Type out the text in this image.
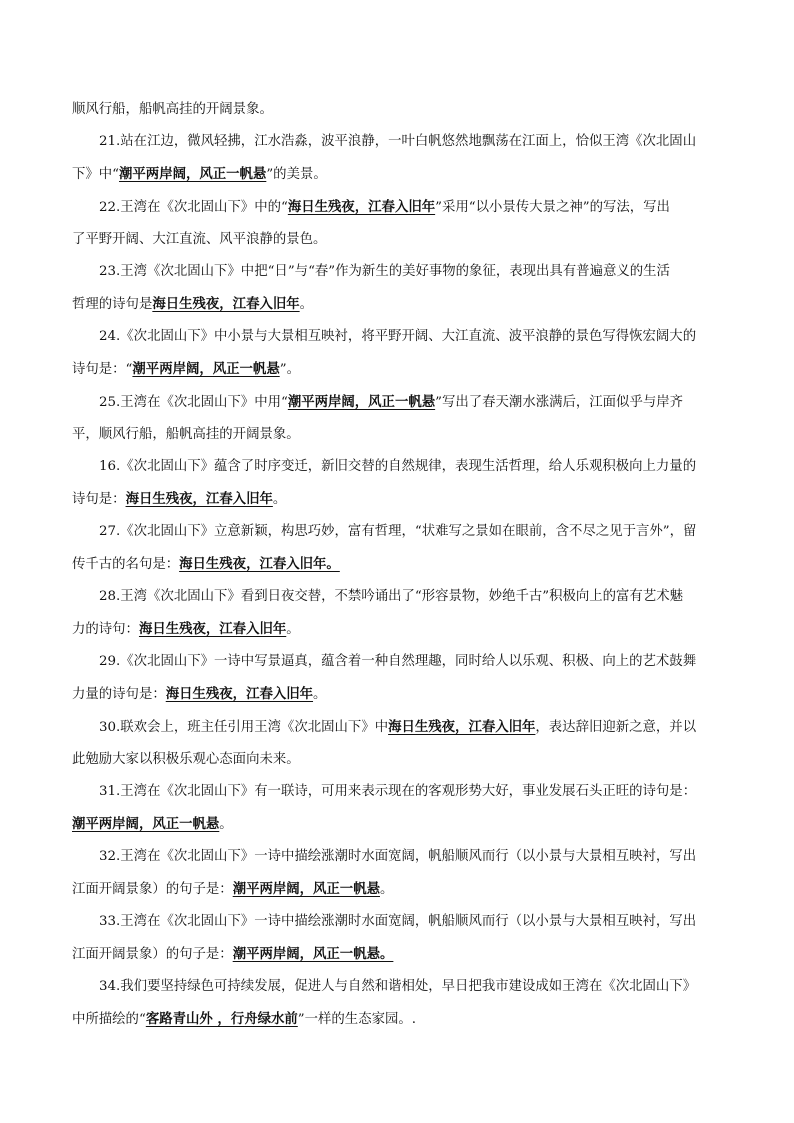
顺风行船，船帆高挂的开阔景象。

21.站在江边，微风轻拂，江水浩淼，波平浪静，一叶白帆悠然地飘荡在江面上，恰似王湾《次北固山
下》中“潮平两岸阔，风正一帆悬”的美景。

22.王湾在《次北固山下》中的“海日生残夜，江春入旧年”采用“以小景传大景之神”的写法，写出
了平野开阔、大江直流、风平浪静的景色。

23.王湾《次北固山下》中把“日”与“春”作为新生的美好事物的象征，表现出具有普遍意义的生活
哲理的诗句是海日生残夜，江春入旧年。

24.《次北固山下》中小景与大景相互映衬，将平野开阔、大江直流、波平浪静的景色写得恢宏阔大的
诗句是：“潮平两岸阔，风正一帆悬”。

25.王湾在《次北固山下》中用“潮平两岸阔，风正一帆悬”写出了春天潮水涨满后，江面似乎与岸齐
平，顺风行船，船帆高挂的开阔景象。

16.《次北固山下》蕴含了时序变迁，新旧交替的自然规律，表现生活哲理，给人乐观积极向上力量的
诗句是：海日生残夜，江春入旧年。

27.《次北固山下》立意新颖，构思巧妙，富有哲理，“状难写之景如在眼前，含不尽之见于言外”，留
传千古的名句是：海日生残夜，江春入旧年。

28.王湾《次北固山下》看到日夜交替，不禁吟诵出了“形容景物，妙绝千古”积极向上的富有艺术魅
力的诗句：海日生残夜，江春入旧年。

29.《次北固山下》一诗中写景逼真，蕴含着一种自然理趣，同时给人以乐观、积极、向上的艺术鼓舞
力量的诗句是：海日生残夜，江春入旧年。

30.联欢会上，班主任引用王湾《次北固山下》中海日生残夜，江春入旧年，表达辞旧迎新之意，并以
此勉励大家以积极乐观心态面向未来。

31.王湾在《次北固山下》有一联诗，可用来表示现在的客观形势大好，事业发展石头正旺的诗句是：
潮平两岸阔，风正一帆悬。

32.王湾在《次北固山下》一诗中描绘涨潮时水面宽阔，帆船顺风而行（以小景与大景相互映衬，写出
江面开阔景象）的句子是：潮平两岸阔，风正一帆悬。

33.王湾在《次北固山下》一诗中描绘涨潮时水面宽阔，帆船顺风而行（以小景与大景相互映衬，写出
江面开阔景象）的句子是：潮平两岸阔，风正一帆悬。

34.我们要坚持绿色可持续发展，促进人与自然和谐相处，早日把我市建设成如王湾在《次北固山下》
中所描绘的“客路青山外 ，行舟绿水前”一样的生态家园。.
